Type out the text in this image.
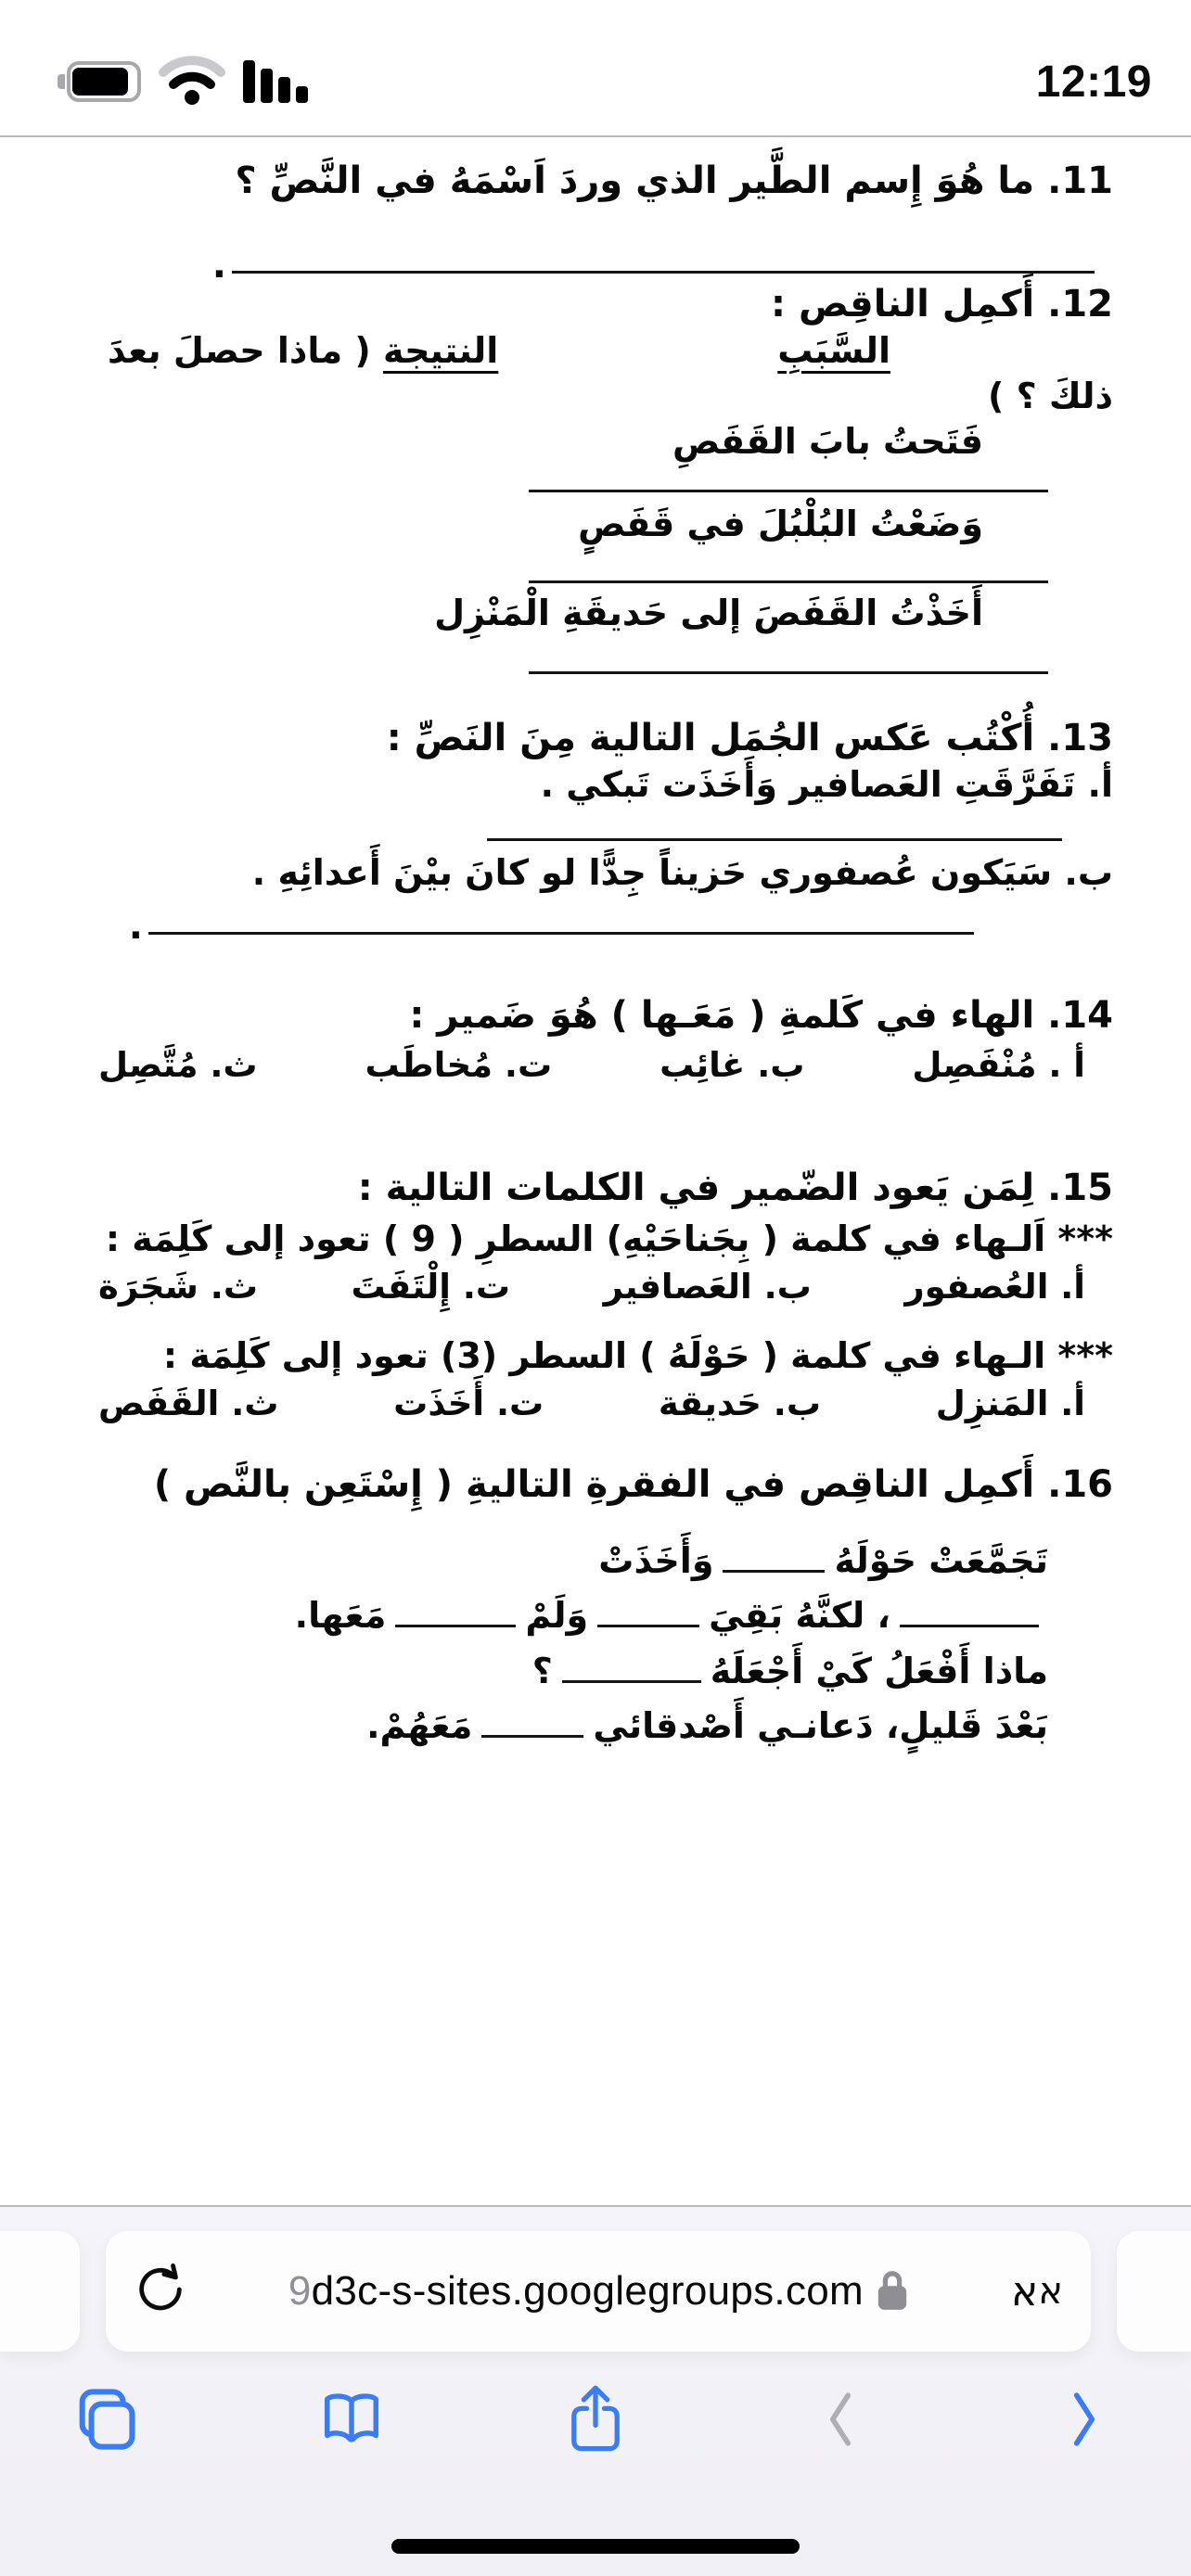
12:19
11. ما هُوَ إِسم الطَّير الذي وردَ اَسْمَهُ في النَّصِّ ؟
.
12. أَكمِل الناقِص :
السَّبَبِ
النتيجة ( ماذا حصلَ بعدَ
ذلكَ ؟ )
فَتَحتُ بابَ القَفَصِ
وَضَعْتُ البُلْبُلَ في قَفَصٍ
أَخَذْتُ القَفَصَ إلى حَديقَةِ الْمَنْزِل
13. أُكْتُب عَكس الجُمَل التالية مِنَ النَصِّ :
أ. تَفَرَّقَتِ العَصافير وَأَخَذَت تَبكي .
ب. سَيَكون عُصفوري حَزيناً جِدًّا لو كانَ بيْنَ أَعدائِهِ .
.
14. الهاء في كَلمةِ ( مَعَـها ) هُوَ ضَمير :
أ . مُنْفَصِل
ب. غائِب
ت. مُخاطَب
ث. مُتَّصِل
15. لِمَن يَعود الضّمير في الكلمات التالية :
*** اَلـهاء في كلمة ( بِجَناحَيْهِ) السطرِ ( 9 ) تعود إلى كَلِمَة :
أ. العُصفور
ب. العَصافير
ت. إِلْتَفَتَ
ث. شَجَرَة
*** الـهاء في كلمة ( حَوْلَهُ ) السطر (3) تعود إلى كَلِمَة :
أ. المَنزِل
ب. حَديقة
ت. أَخَذَت
ث. القَفَص
16. أَكمِل الناقِص في الفقرةِ التاليةِ ( إِسْتَعِن بالنَّص )
تَجَمَّعَتْ حَوْلَهُوَأَخَذَتْ
، لكنَّهُ بَقِيَوَلَمْمَعَها.
ماذا أَفْعَلُ كَيْ أَجْعَلَهُ؟
بَعْدَ قَليلٍ، دَعانـي أَصْدقائيمَعَهُمْ.
9d3c-s-sites.googlegroups.com	א א
